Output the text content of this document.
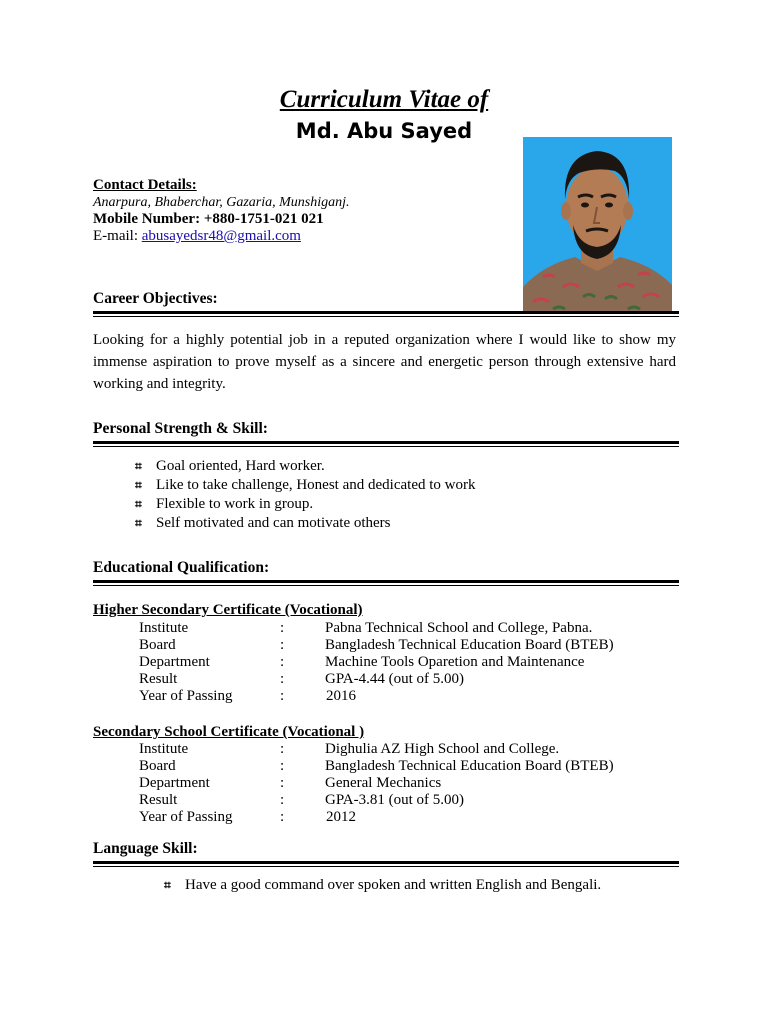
Curriculum Vitae of
Md. Abu Sayed
Contact Details:
Anarpura, Bhaberchar, Gazaria, Munshiganj.
Mobile Number: +880-1751-021 021
E-mail: abusayedsr48@gmail.com
Career Objectives:
Looking for a highly potential job in a reputed organization where I would like to show my immense aspiration to prove myself as a sincere and energetic person through extensive hard working and integrity.
Personal Strength & Skill:
⌗ Goal oriented, Hard worker.
⌗ Like to take challenge, Honest and dedicated to work
⌗ Flexible to work in group.
⌗ Self motivated and can motivate others
Educational Qualification:
Higher Secondary Certificate (Vocational)
Institute	:	Pabna Technical School and College, Pabna.
Board	:	Bangladesh Technical Education Board (BTEB)
Department	:	Machine Tools Oparetion and Maintenance
Result	:	GPA-4.44 (out of 5.00)
Year of Passing	:	2016
Secondary School Certificate (Vocational )
Institute	:	Dighulia AZ High School and College.
Board	:	Bangladesh Technical Education Board (BTEB)
Department	:	General Mechanics
Result	:	GPA-3.81 (out of 5.00)
Year of Passing	:	2012
Language Skill:
⌗ Have a good command over spoken and written English and Bengali.
